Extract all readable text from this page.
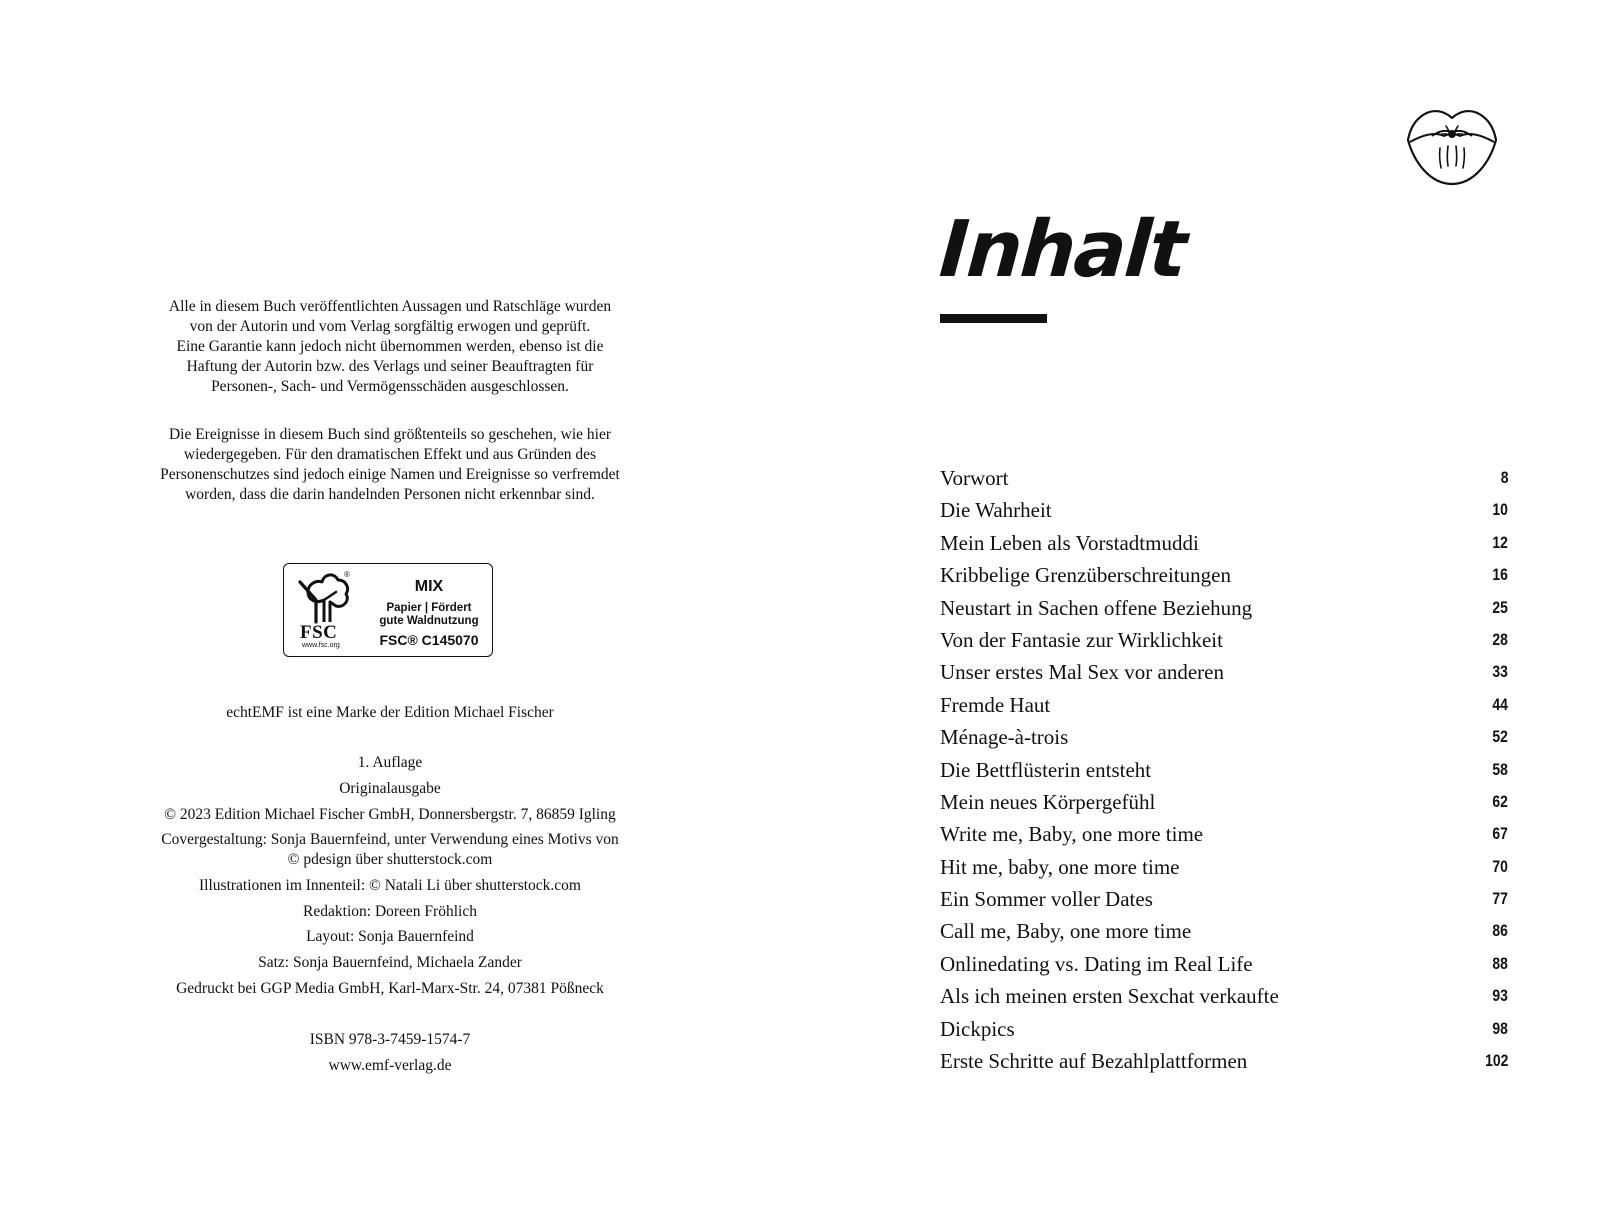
Alle in diesem Buch veröffentlichten Aussagen und Ratschläge wurden
von der Autorin und vom Verlag sorgfältig erwogen und geprüft.
Eine Garantie kann jedoch nicht übernommen werden, ebenso ist die
Haftung der Autorin bzw. des Verlags und seiner Beauftragten für
Personen-, Sach- und Vermögensschäden ausgeschlossen.

Die Ereignisse in diesem Buch sind größtenteils so geschehen, wie hier
wiedergegeben. Für den dramatischen Effekt und aus Gründen des
Personenschutzes sind jedoch einige Namen und Ereignisse so verfremdet
worden, dass die darin handelnden Personen nicht erkennbar sind.

®
FSC
www.fsc.org
MIX
Papier | Fördert
gute Waldnutzung
FSC® C145070

echtEMF ist eine Marke der Edition Michael Fischer

1. Auflage

Originalausgabe

© 2023 Edition Michael Fischer GmbH, Donnersbergstr. 7, 86859 Igling

Covergestaltung: Sonja Bauernfeind, unter Verwendung eines Motivs von
© pdesign über shutterstock.com

Illustrationen im Innenteil: © Natali Li über shutterstock.com

Redaktion: Doreen Fröhlich

Layout: Sonja Bauernfeind

Satz: Sonja Bauernfeind, Michaela Zander

Gedruckt bei GGP Media GmbH, Karl-Marx-Str. 24, 07381 Pößneck

ISBN 978-3-7459-1574-7

www.emf-verlag.de

Inhalt
Vorwort	8
Die Wahrheit	10
Mein Leben als Vorstadtmuddi	12
Kribbelige Grenzüberschreitungen	16
Neustart in Sachen offene Beziehung	25
Von der Fantasie zur Wirklichkeit	28
Unser erstes Mal Sex vor anderen	33
Fremde Haut	44
Ménage-à-trois	52
Die Bettflüsterin entsteht	58
Mein neues Körpergefühl	62
Write me, Baby, one more time	67
Hit me, baby, one more time	70
Ein Sommer voller Dates	77
Call me, Baby, one more time	86
Onlinedating vs. Dating im Real Life	88
Als ich meinen ersten Sexchat verkaufte	93
Dickpics	98
Erste Schritte auf Bezahlplattformen	102
